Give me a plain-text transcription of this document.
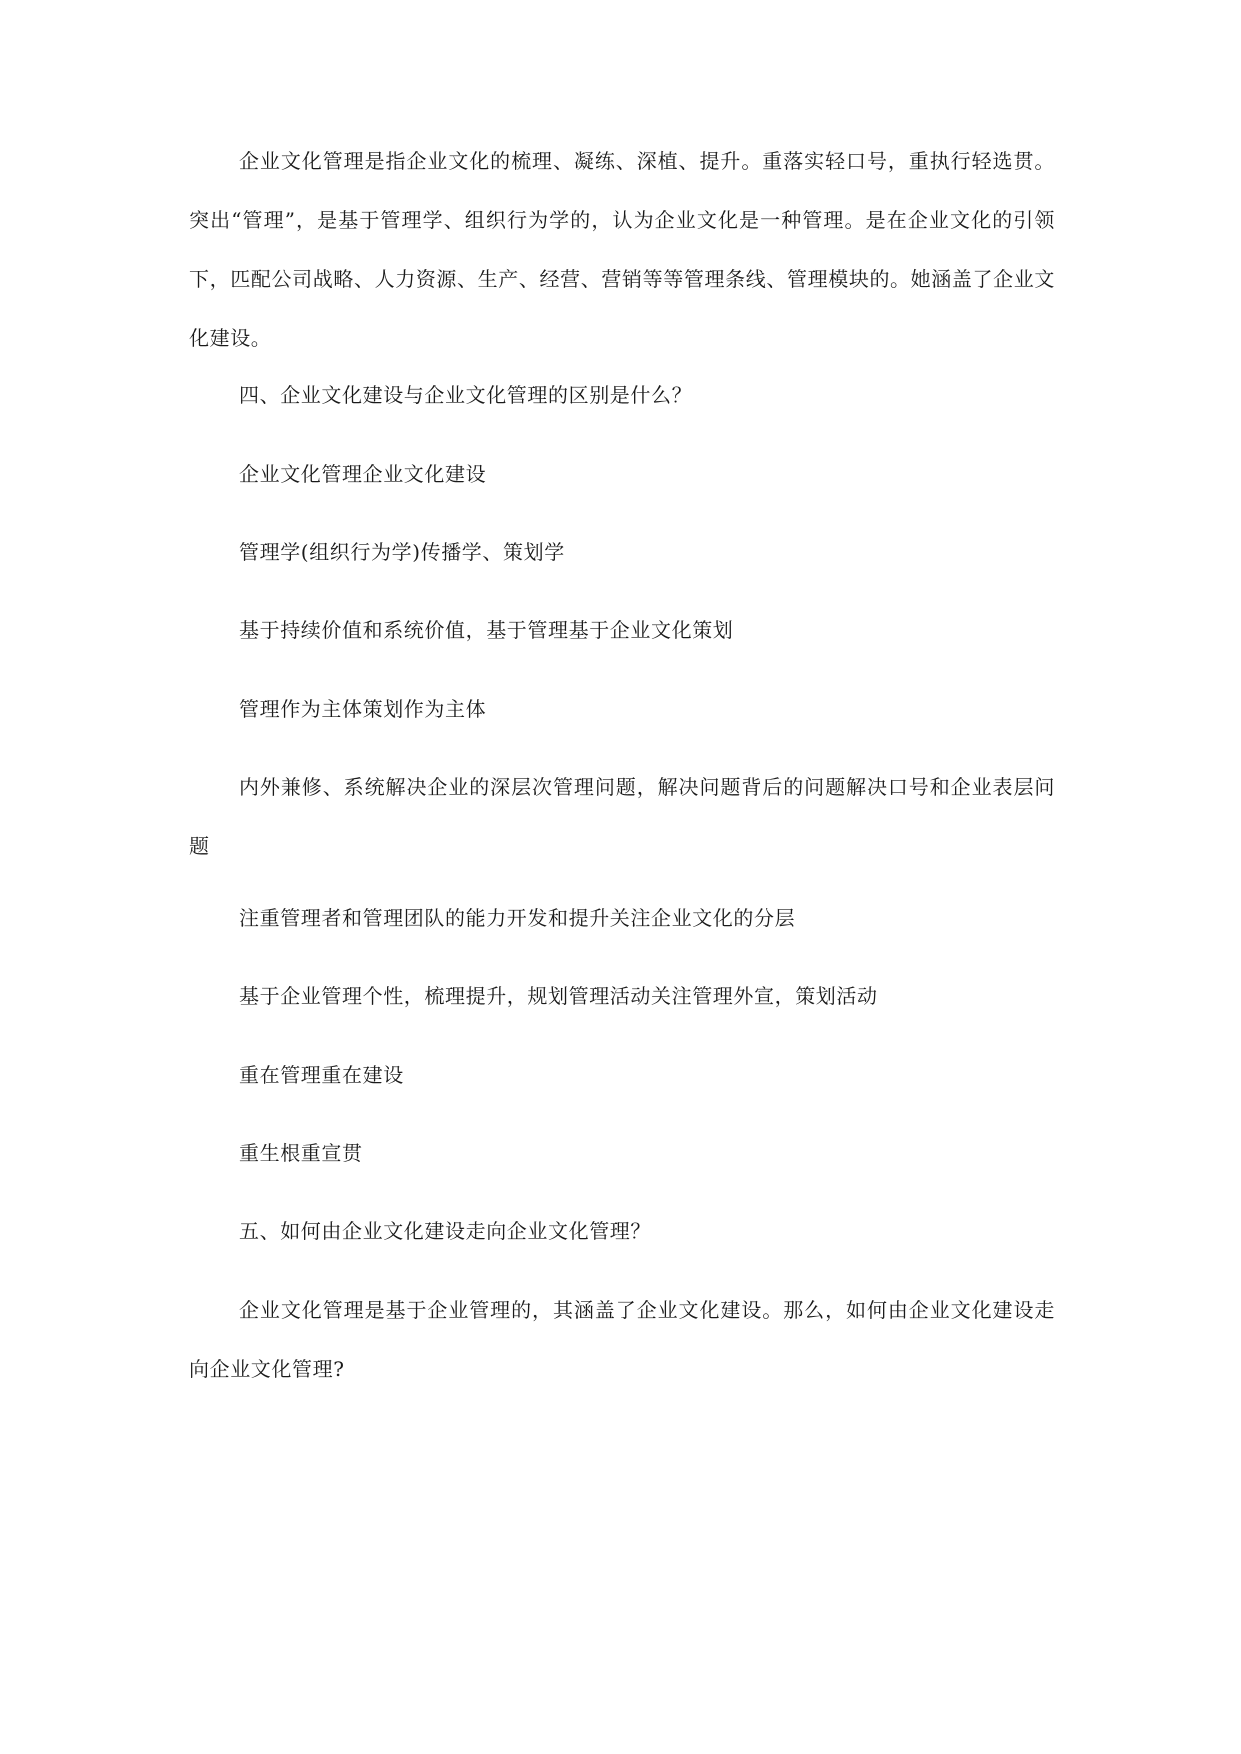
企业文化管理是指企业文化的梳理、凝练、深植、提升。重落实轻口号，重执行轻选贯。突出“管理”，是基于管理学、组织行为学的，认为企业文化是一种管理。是在企业文化的引领下，匹配公司战略、人力资源、生产、经营、营销等等管理条线、管理模块的。她涵盖了企业文化建设。

四、企业文化建设与企业文化管理的区别是什么？

企业文化管理企业文化建设

管理学(组织行为学)传播学、策划学

基于持续价值和系统价值，基于管理基于企业文化策划

管理作为主体策划作为主体

内外兼修、系统解决企业的深层次管理问题，解决问题背后的问题解决口号和企业表层问题

注重管理者和管理团队的能力开发和提升关注企业文化的分层

基于企业管理个性，梳理提升，规划管理活动关注管理外宣，策划活动

重在管理重在建设

重生根重宣贯

五、如何由企业文化建设走向企业文化管理？

企业文化管理是基于企业管理的，其涵盖了企业文化建设。那么，如何由企业文化建设走向企业文化管理?
